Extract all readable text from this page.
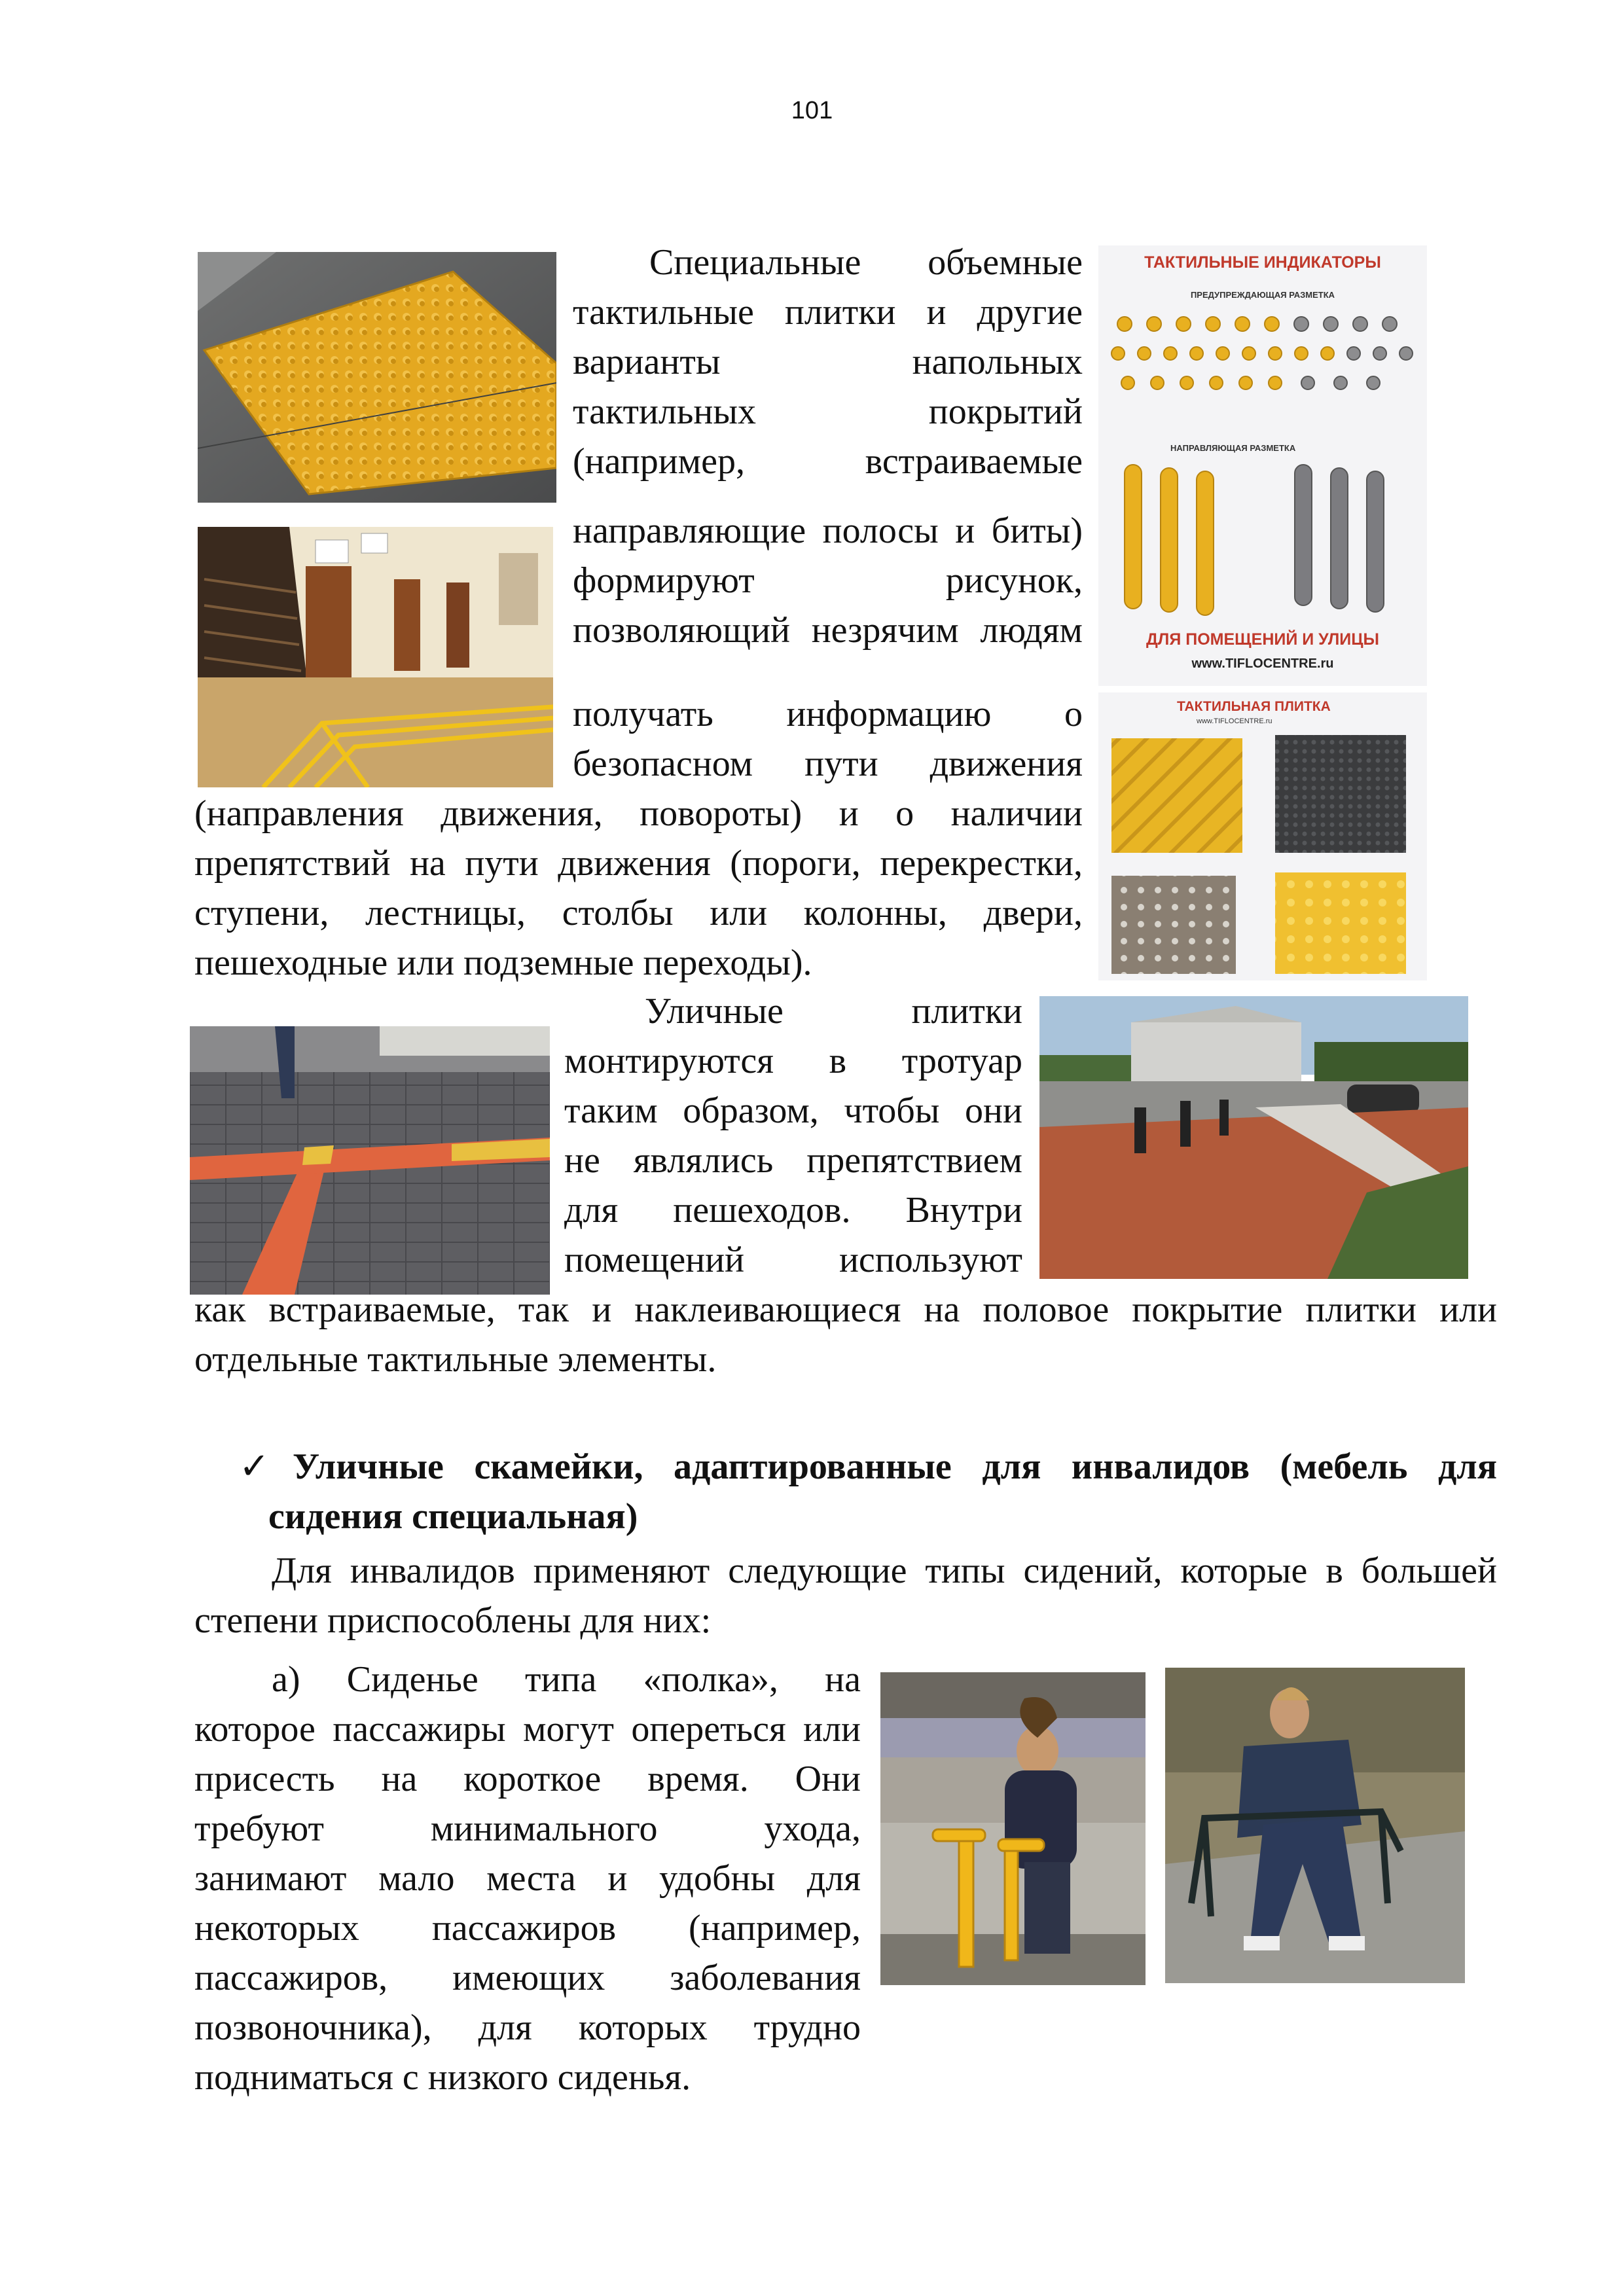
101
ТАКТИЛЬНЫЕ ИНДИКАТОРЫ
ПРЕДУПРЕЖДАЮЩАЯ РАЗМЕТКА
НАПРАВЛЯЮЩАЯ РАЗМЕТКА
ДЛЯ ПОМЕЩЕНИЙ И УЛИЦЫ
www.TIFLOCENTRE.ru
ТАКТИЛЬНАЯ ПЛИТКА
www.TIFLOCENTRE.ru
Специальные объемные
тактильные плитки и другие
варианты напольных
тактильных покрытий
(например, встраиваемые
направляющие полосы и биты)
формируют рисунок,
позволяющий незрячим людям
получать информацию о
безопасном пути движения
(направления движения, повороты) и о наличии
препятствий на пути движения (пороги, перекрестки,
ступени, лестницы, столбы или колонны, двери,
пешеходные или подземные переходы).
Уличные плитки
монтируются в тротуар
таким образом, чтобы они
не являлись препятствием
для пешеходов. Внутри
помещений используют
как встраиваемые, так и наклеивающиеся на половое покрытие плитки или
отдельные тактильные элементы.
✓ Уличные скамейки, адаптированные для инвалидов (мебель для
сидения специальная)
Для инвалидов применяют следующие типы сидений, которые в большей
степени приспособлены для них:
а) Сиденье типа «полка», на
которое пассажиры могут опереться или
присесть на короткое время. Они
требуют минимального ухода,
занимают мало места и удобны для
некоторых пассажиров (например,
пассажиров, имеющих заболевания
позвоночника), для которых трудно
подниматься с низкого сиденья.
